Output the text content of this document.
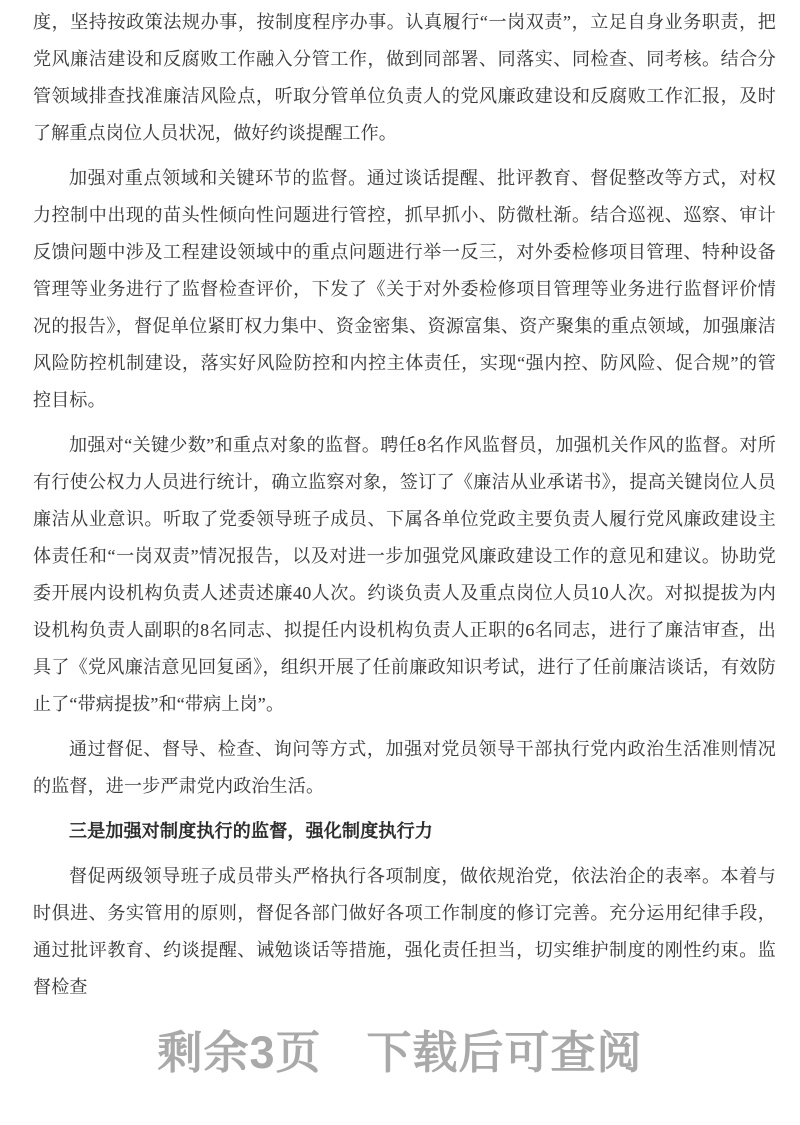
度，坚持按政策法规办事，按制度程序办事。认真履行“一岗双责”，立足自身业务职责，把党风廉洁建设和反腐败工作融入分管工作，做到同部署、同落实、同检查、同考核。结合分管领域排查找准廉洁风险点，听取分管单位负责人的党风廉政建设和反腐败工作汇报，及时了解重点岗位人员状况，做好约谈提醒工作。

加强对重点领域和关键环节的监督。通过谈话提醒、批评教育、督促整改等方式，对权力控制中出现的苗头性倾向性问题进行管控，抓早抓小、防微杜渐。结合巡视、巡察、审计反馈问题中涉及工程建设领域中的重点问题进行举一反三，对外委检修项目管理、特种设备管理等业务进行了监督检查评价，下发了《关于对外委检修项目管理等业务进行监督评价情况的报告》，督促单位紧盯权力集中、资金密集、资源富集、资产聚集的重点领域，加强廉洁风险防控机制建设，落实好风险防控和内控主体责任，实现“强内控、防风险、促合规”的管控目标。

加强对“关键少数”和重点对象的监督。聘任8名作风监督员，加强机关作风的监督。对所有行使公权力人员进行统计，确立监察对象，签订了《廉洁从业承诺书》，提高关键岗位人员廉洁从业意识。听取了党委领导班子成员、下属各单位党政主要负责人履行党风廉政建设主体责任和“一岗双责”情况报告，以及对进一步加强党风廉政建设工作的意见和建议。协助党委开展内设机构负责人述责述廉40人次。约谈负责人及重点岗位人员10人次。对拟提拔为内设机构负责人副职的8名同志、拟提任内设机构负责人正职的6名同志，进行了廉洁审查，出具了《党风廉洁意见回复函》，组织开展了任前廉政知识考试，进行了任前廉洁谈话，有效防止了“带病提拔”和“带病上岗”。

通过督促、督导、检查、询问等方式，加强对党员领导干部执行党内政治生活准则情况的监督，进一步严肃党内政治生活。

三是加强对制度执行的监督，强化制度执行力

督促两级领导班子成员带头严格执行各项制度，做依规治党，依法治企的表率。本着与时俱进、务实管用的原则，督促各部门做好各项工作制度的修订完善。充分运用纪律手段，通过批评教育、约谈提醒、诫勉谈话等措施，强化责任担当，切实维护制度的刚性约束。监督检查

剩余3页 下载后可查阅
